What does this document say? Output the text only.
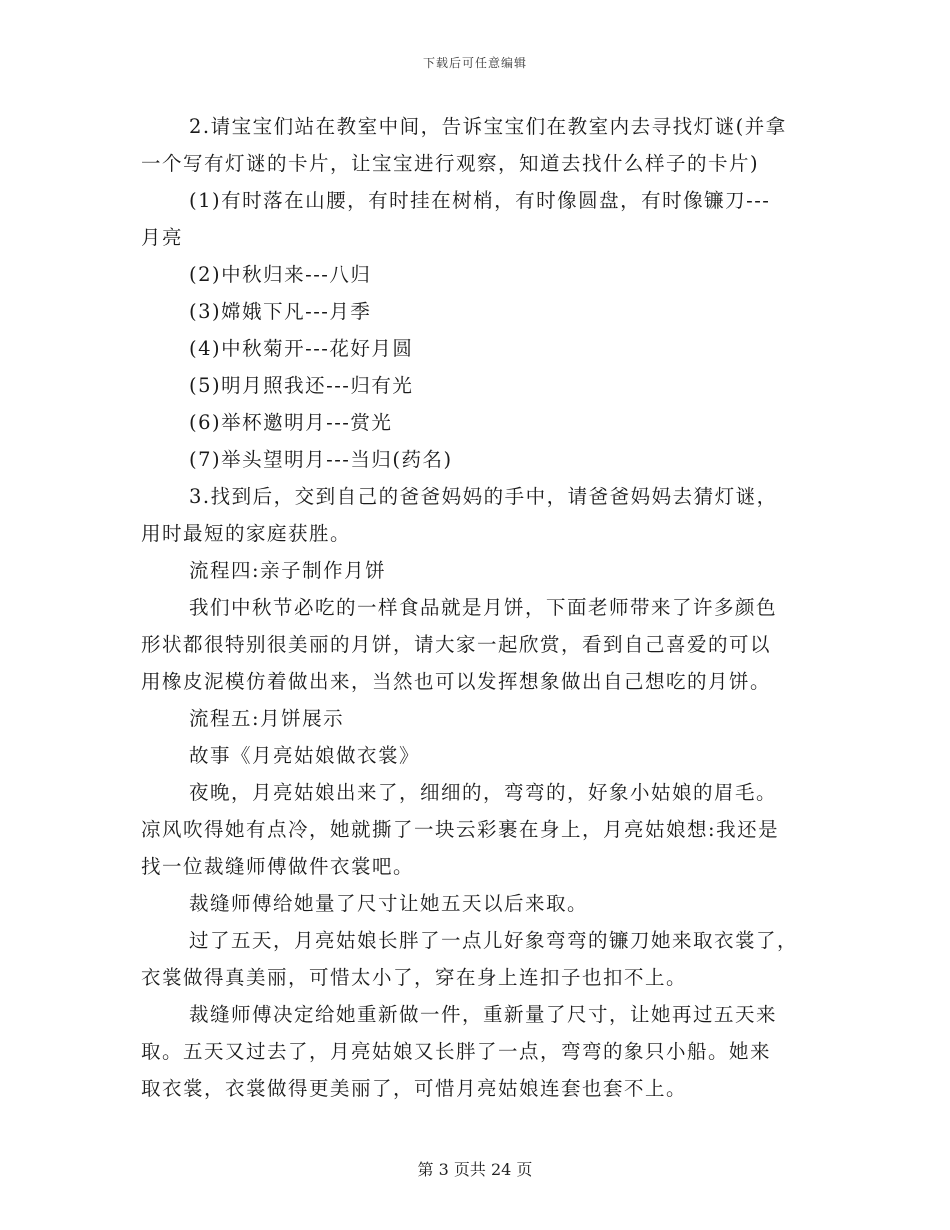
下载后可任意编辑
2.请宝宝们站在教室中间，告诉宝宝们在教室内去寻找灯谜(并拿
一个写有灯谜的卡片，让宝宝进行观察，知道去找什么样子的卡片)
(1)有时落在山腰，有时挂在树梢，有时像圆盘，有时像镰刀---
月亮
(2)中秋归来---八归
(3)嫦娥下凡---月季
(4)中秋菊开---花好月圆
(5)明月照我还---归有光
(6)举杯邀明月---赏光
(7)举头望明月---当归(药名)
3.找到后，交到自己的爸爸妈妈的手中，请爸爸妈妈去猜灯谜，
用时最短的家庭获胜。
流程四:亲子制作月饼
我们中秋节必吃的一样食品就是月饼，下面老师带来了许多颜色
形状都很特别很美丽的月饼，请大家一起欣赏，看到自己喜爱的可以
用橡皮泥模仿着做出来，当然也可以发挥想象做出自己想吃的月饼。
流程五:月饼展示
故事《月亮姑娘做衣裳》
夜晚，月亮姑娘出来了，细细的，弯弯的，好象小姑娘的眉毛。
凉风吹得她有点冷，她就撕了一块云彩裹在身上，月亮姑娘想:我还是
找一位裁缝师傅做件衣裳吧。
裁缝师傅给她量了尺寸让她五天以后来取。
过了五天，月亮姑娘长胖了一点儿好象弯弯的镰刀她来取衣裳了，
衣裳做得真美丽，可惜太小了，穿在身上连扣子也扣不上。
裁缝师傅决定给她重新做一件，重新量了尺寸，让她再过五天来
取。五天又过去了，月亮姑娘又长胖了一点，弯弯的象只小船。她来
取衣裳，衣裳做得更美丽了，可惜月亮姑娘连套也套不上。
第 3 页共 24 页
